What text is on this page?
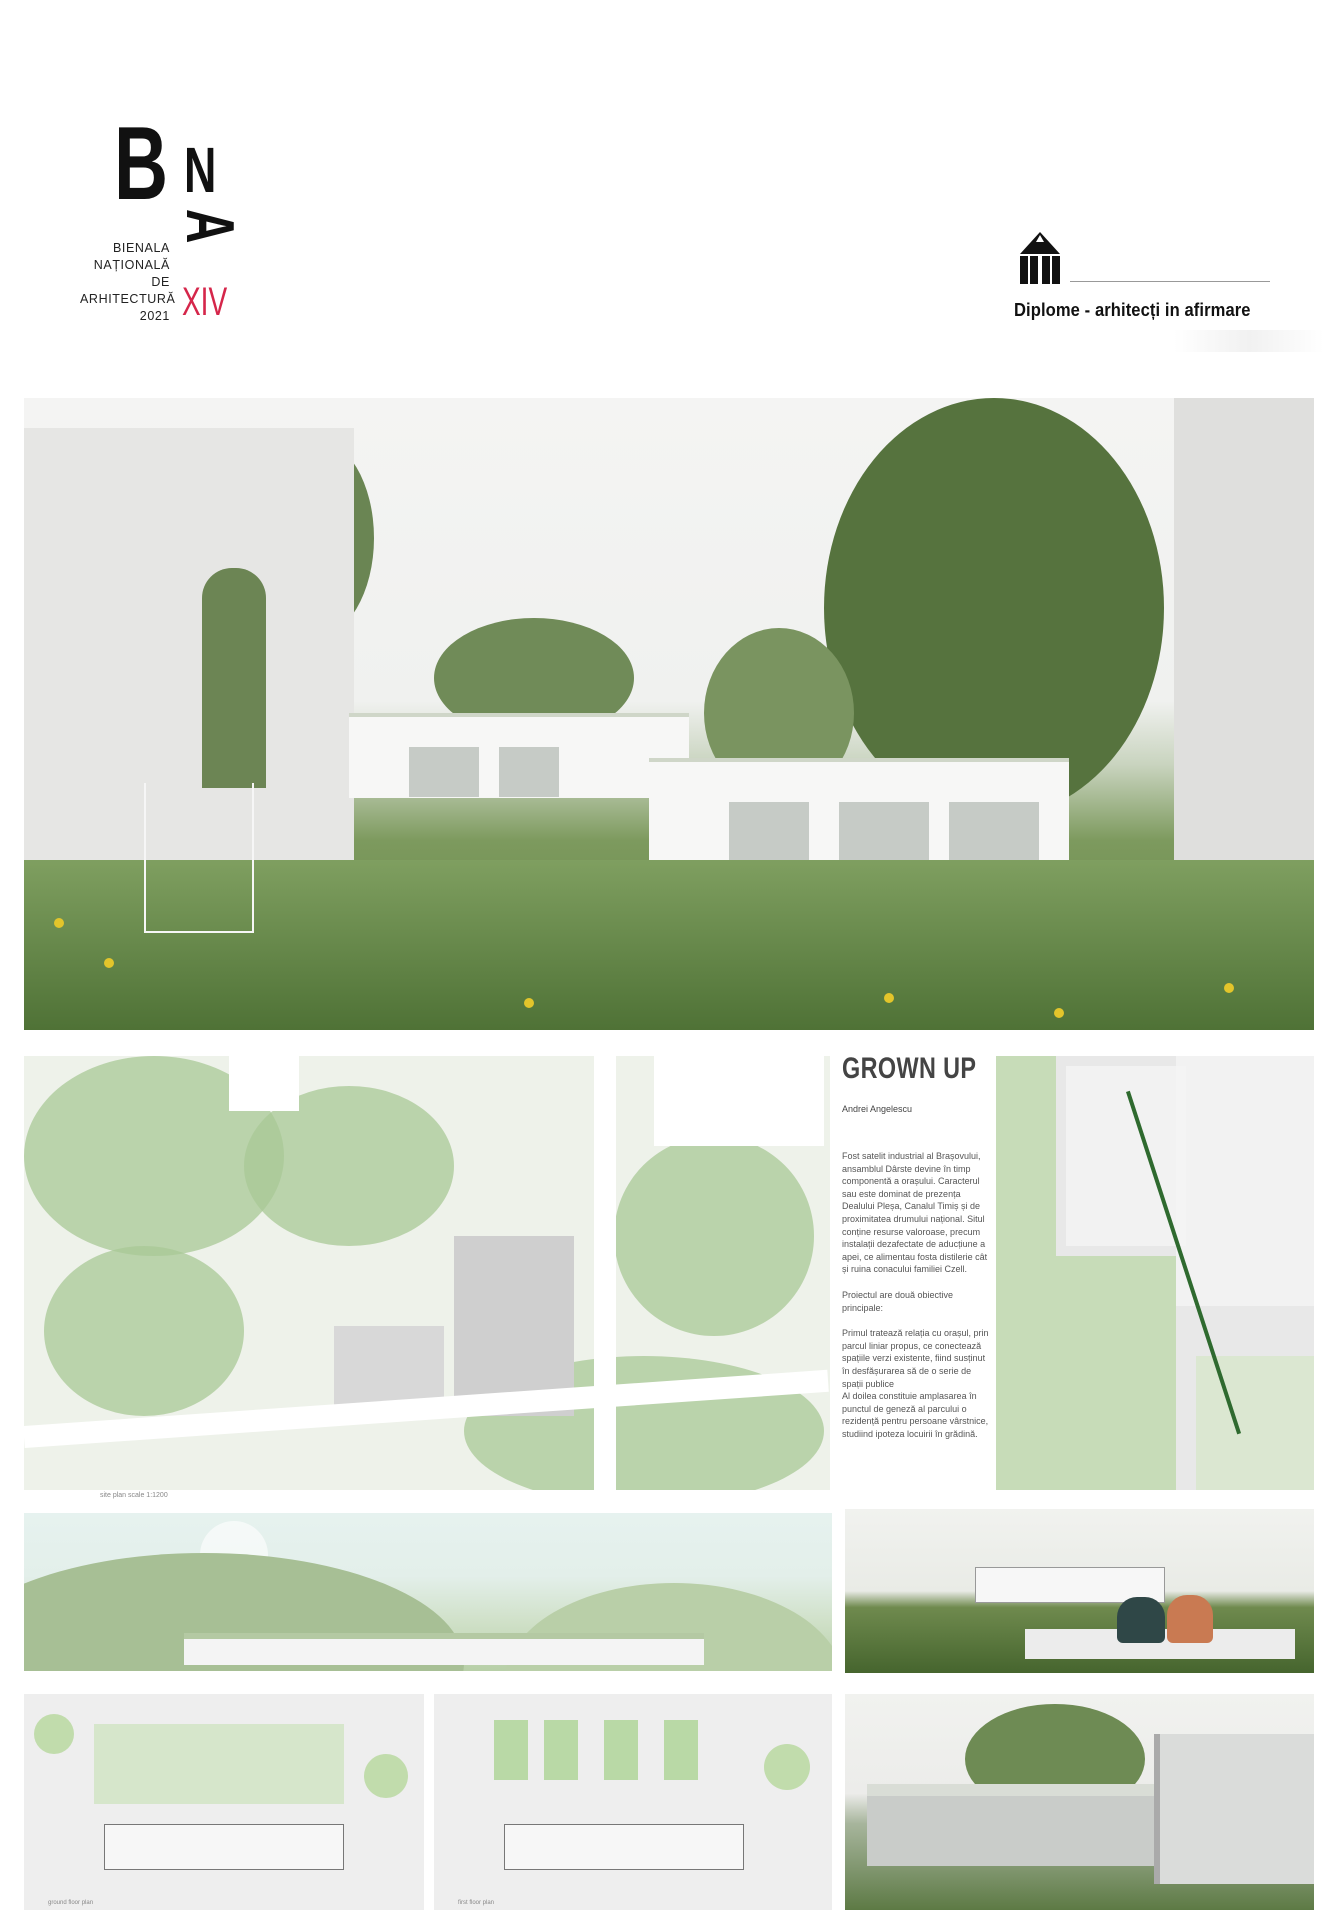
B N
A
BIENALA
NAȚIONALĂ
DE
ARHITECTURĂ
2021 XIV	Diplome - arhitecți in afirmare
site plan scale 1:1200
GROWN UP
Andrei Angelescu
Fost satelit industrial al Brașovului, ansamblul Dârste devine în timp componentă a orașului. Caracterul sau este dominat de prezența Dealului Pleșa, Canalul Timiș și de proximitatea drumului național. Situl conține resurse valoroase, precum instalații dezafectate de aducțiune a apei, ce alimentau fosta distilerie cât și ruina conacului familiei Czell.
Proiectul are două obiective principale:
Primul tratează relația cu orașul, prin parcul liniar propus, ce conectează spațiile verzi existente, fiind susținut în desfășurarea să de o serie de spații publice
Al doilea constituie amplasarea în punctul de geneză al parcului o rezidență pentru persoane vârstnice, studiind ipoteza locuirii în grădină.
ground floor plan	first floor plan
